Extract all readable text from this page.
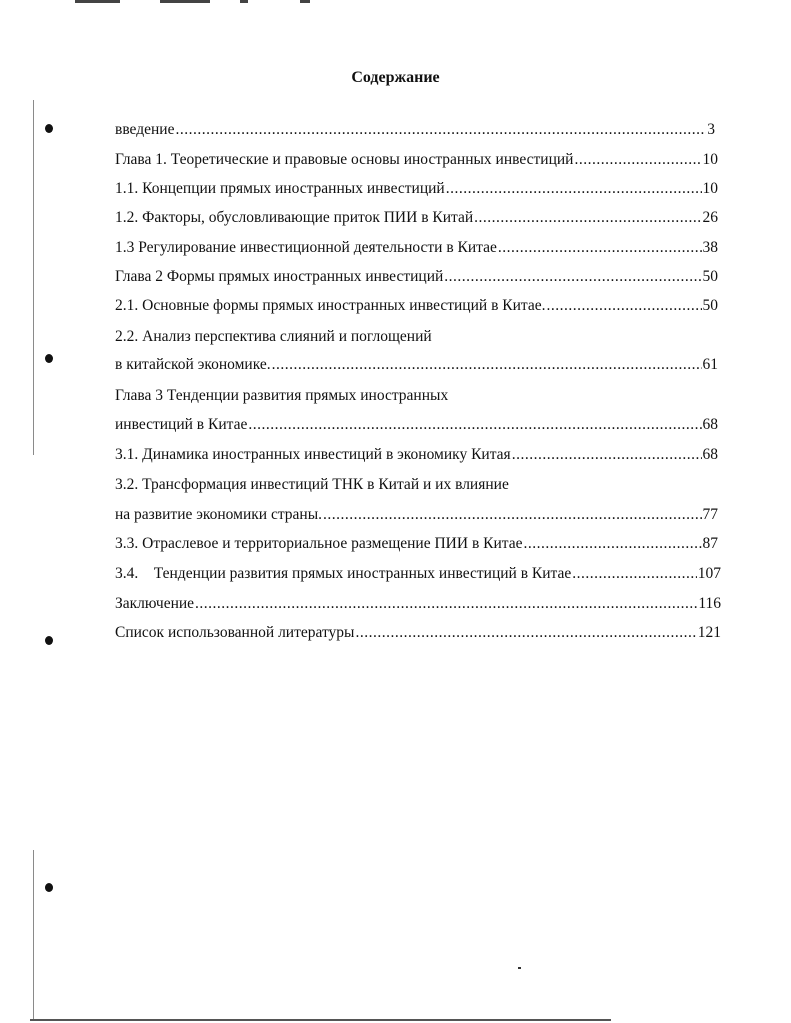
Содержание
введение .....	3
Глава 1. Теоретические и правовые основы иностранных инвестиций .....	10
1.1. Концепции прямых иностранных инвестиций .....	10
1.2. Факторы, обусловливающие приток ПИИ в Китай .....	26
1.3 Регулирование инвестиционной деятельности в Китае .....	38
Глава 2 Формы прямых иностранных инвестиций .....	50
2.1. Основные формы прямых иностранных инвестиций в Китае. .....	50
2.2. Анализ перспектива слияний и поглощений
в китайской экономике. .....	61
Глава 3 Тенденции развития прямых иностранных
инвестиций в Китае .....	68
3.1. Динамика иностранных инвестиций в экономику Китая .....	68
3.2. Трансформация инвестиций ТНК в Китай и их влияние
на развитие экономики страны. .....	77
3.3. Отраслевое и территориальное размещение ПИИ в Китае .....	87
3.4.    Тенденции развития прямых иностранных инвестиций в Китае .....	107
Заключение .....	116
Список использованной литературы .....	121
